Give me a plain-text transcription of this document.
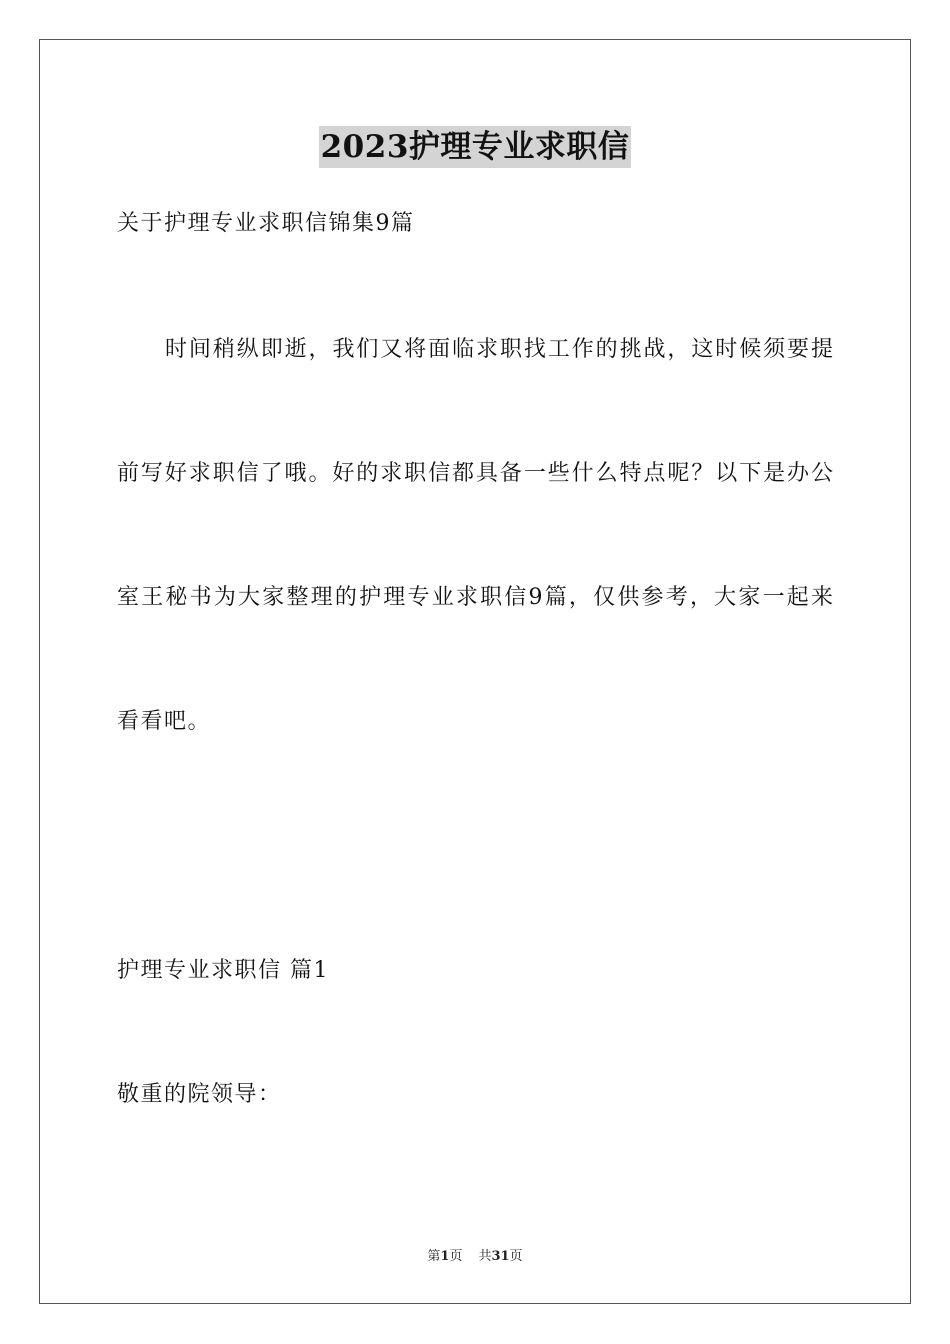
2023护理专业求职信
关于护理专业求职信锦集9篇
时间稍纵即逝，我们又将面临求职找工作的挑战，这时候须要提
前写好求职信了哦。好的求职信都具备一些什么特点呢？以下是办公
室王秘书为大家整理的护理专业求职信9篇，仅供参考，大家一起来
看看吧。
护理专业求职信 篇1
敬重的院领导：
第1页 共31页
